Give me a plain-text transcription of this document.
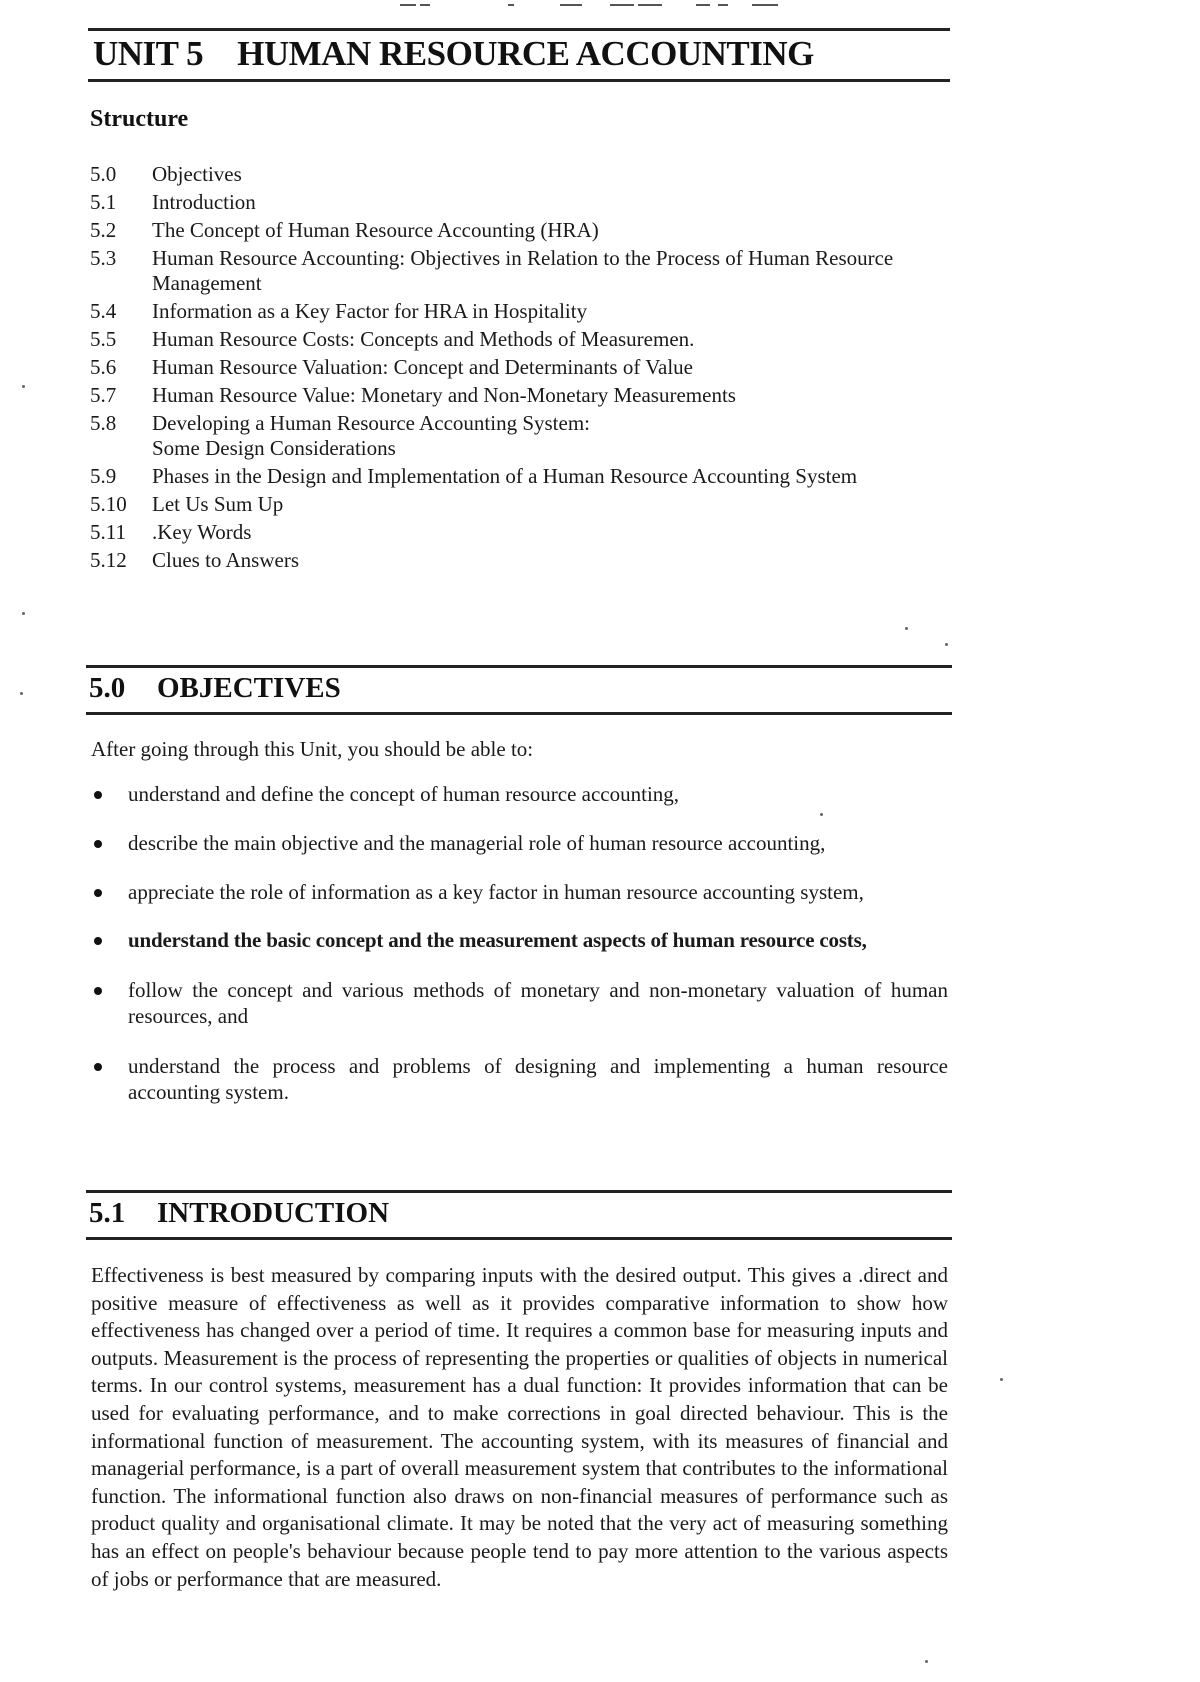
UNIT 5 HUMAN RESOURCE ACCOUNTING
Structure
5.0 Objectives
5.1 Introduction
5.2 The Concept of Human Resource Accounting (HRA)
5.3 Human Resource Accounting: Objectives in Relation to the Process of Human Resource Management
5.4 Information as a Key Factor for HRA in Hospitality
5.5 Human Resource Costs: Concepts and Methods of Measuremen.
5.6 Human Resource Valuation: Concept and Determinants of Value
5.7 Human Resource Value: Monetary and Non-Monetary Measurements
5.8 Developing a Human Resource Accounting System: Some Design Considerations
5.9 Phases in the Design and Implementation of a Human Resource Accounting System
5.10 Let Us Sum Up
5.11 .Key Words
5.12 Clues to Answers
5.0 OBJECTIVES
After going through this Unit, you should be able to:
understand and define the concept of human resource accounting,
describe the main objective and the managerial role of human resource accounting,
appreciate the role of information as a key factor in human resource accounting system,
understand the basic concept and the measurement aspects of human resource costs,
follow the concept and various methods of monetary and non-monetary valuation of human resources, and
understand the process and problems of designing and implementing a human resource accounting system.
5.1 INTRODUCTION

Effectiveness is best measured by comparing inputs with the desired output. This gives a .direct and positive measure of effectiveness as well as it provides comparative information to show how effectiveness has changed over a period of time. It requires a common base for measuring inputs and outputs. Measurement is the process of representing the properties or qualities of objects in numerical terms. In our control systems, measurement has a dual function: It provides information that can be used for evaluating performance, and to make corrections in goal directed behaviour. This is the informational function of measurement. The accounting system, with its measures of financial and managerial performance, is a part of overall measurement system that contributes to the informational function. The informational function also draws on non-financial measures of performance such as product quality and organisational climate. It may be noted that the very act of measuring something has an effect on people's behaviour because people tend to pay more attention to the various aspects of jobs or performance that are measured.
